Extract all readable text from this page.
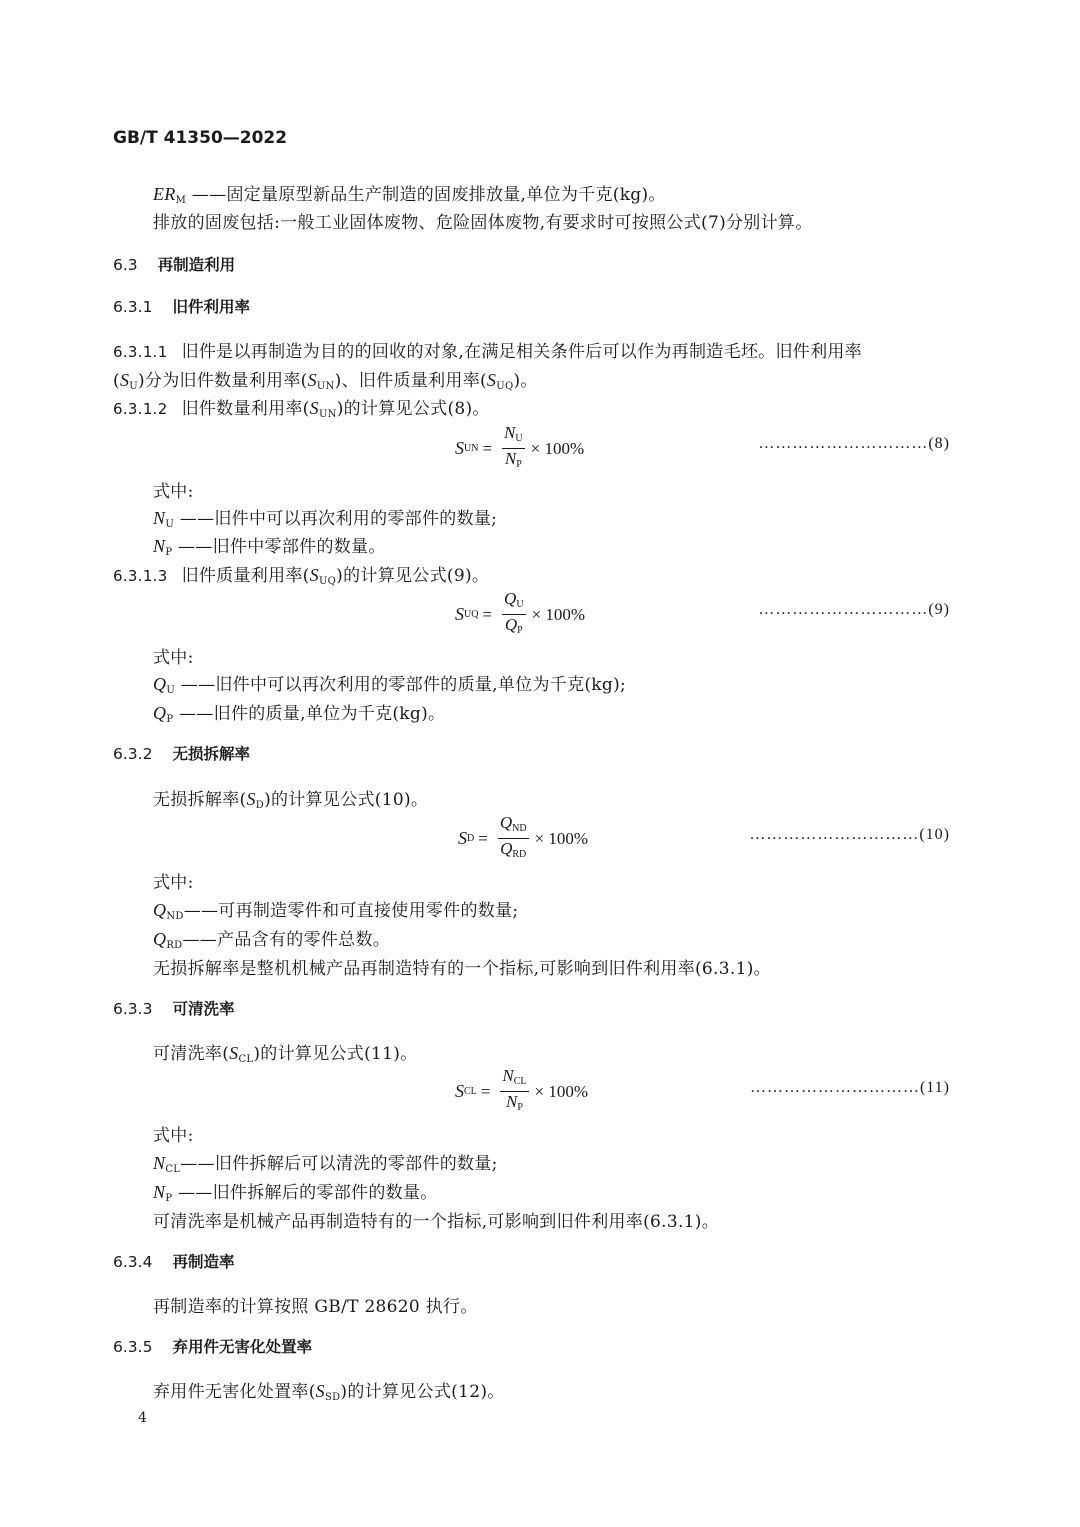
GB/T 41350—2022
$ER_M$ ——固定量原型新品生产制造的固废排放量,单位为千克(kg)。
排放的固废包括:一般工业固体废物、危险固体废物,有要求时可按照公式(7)分别计算。
6.3 再制造利用
6.3.1 旧件利用率
6.3.1.1 旧件是以再制造为目的的回收的对象,在满足相关条件后可以作为再制造毛坯。旧件利用率
$(S_U)$分为旧件数量利用率$(S_{UN})$、旧件质量利用率$(S_{UQ})$。
6.3.1.2 旧件数量利用率$(S_{UN})$的计算见公式(8)。
S UN = $\frac{N_U}{N_P} \times 100\%$	…………………………(8)
式中:
$N_U$ ——旧件中可以再次利用的零部件的数量;
$N_P$ ——旧件中零部件的数量。
6.3.1.3 旧件质量利用率$(S_{UQ})$的计算见公式(9)。
S UQ = $\frac{Q_U}{Q_P} \times 100\%$	…………………………(9)
式中:
$Q_U$ ——旧件中可以再次利用的零部件的质量,单位为千克(kg);
$Q_P$ ——旧件的质量,单位为千克(kg)。
6.3.2 无损拆解率
无损拆解率$(S_D)$的计算见公式(10)。
S $D = \frac{Q_{ND}}{Q_{RD}} \times 100\%$	…………………………(10)
式中:
$Q_{ND}——$可再制造零件和可直接使用零件的数量;
$Q_{RD}——$产品含有的零件总数。
无损拆解率是整机机械产品再制造特有的一个指标,可影响到旧件利用率(6.3.1)。
6.3.3 可清洗率
可清洗率$(S_{CL})$的计算见公式(11)。
S CL = $\frac{N_{CL}}{N_P} \times 100\%$	…………………………(11)
式中:
$N_{CL}——$旧件拆解后可以清洗的零部件的数量;
$N_P$ ——旧件拆解后的零部件的数量。
可清洗率是机械产品再制造特有的一个指标,可影响到旧件利用率(6.3.1)。
6.3.4 再制造率
再制造率的计算按照 GB/T 28620 执行。
6.3.5 弃用件无害化处置率
弃用件无害化处置率$(S_{SD})$的计算见公式(12)。
4
